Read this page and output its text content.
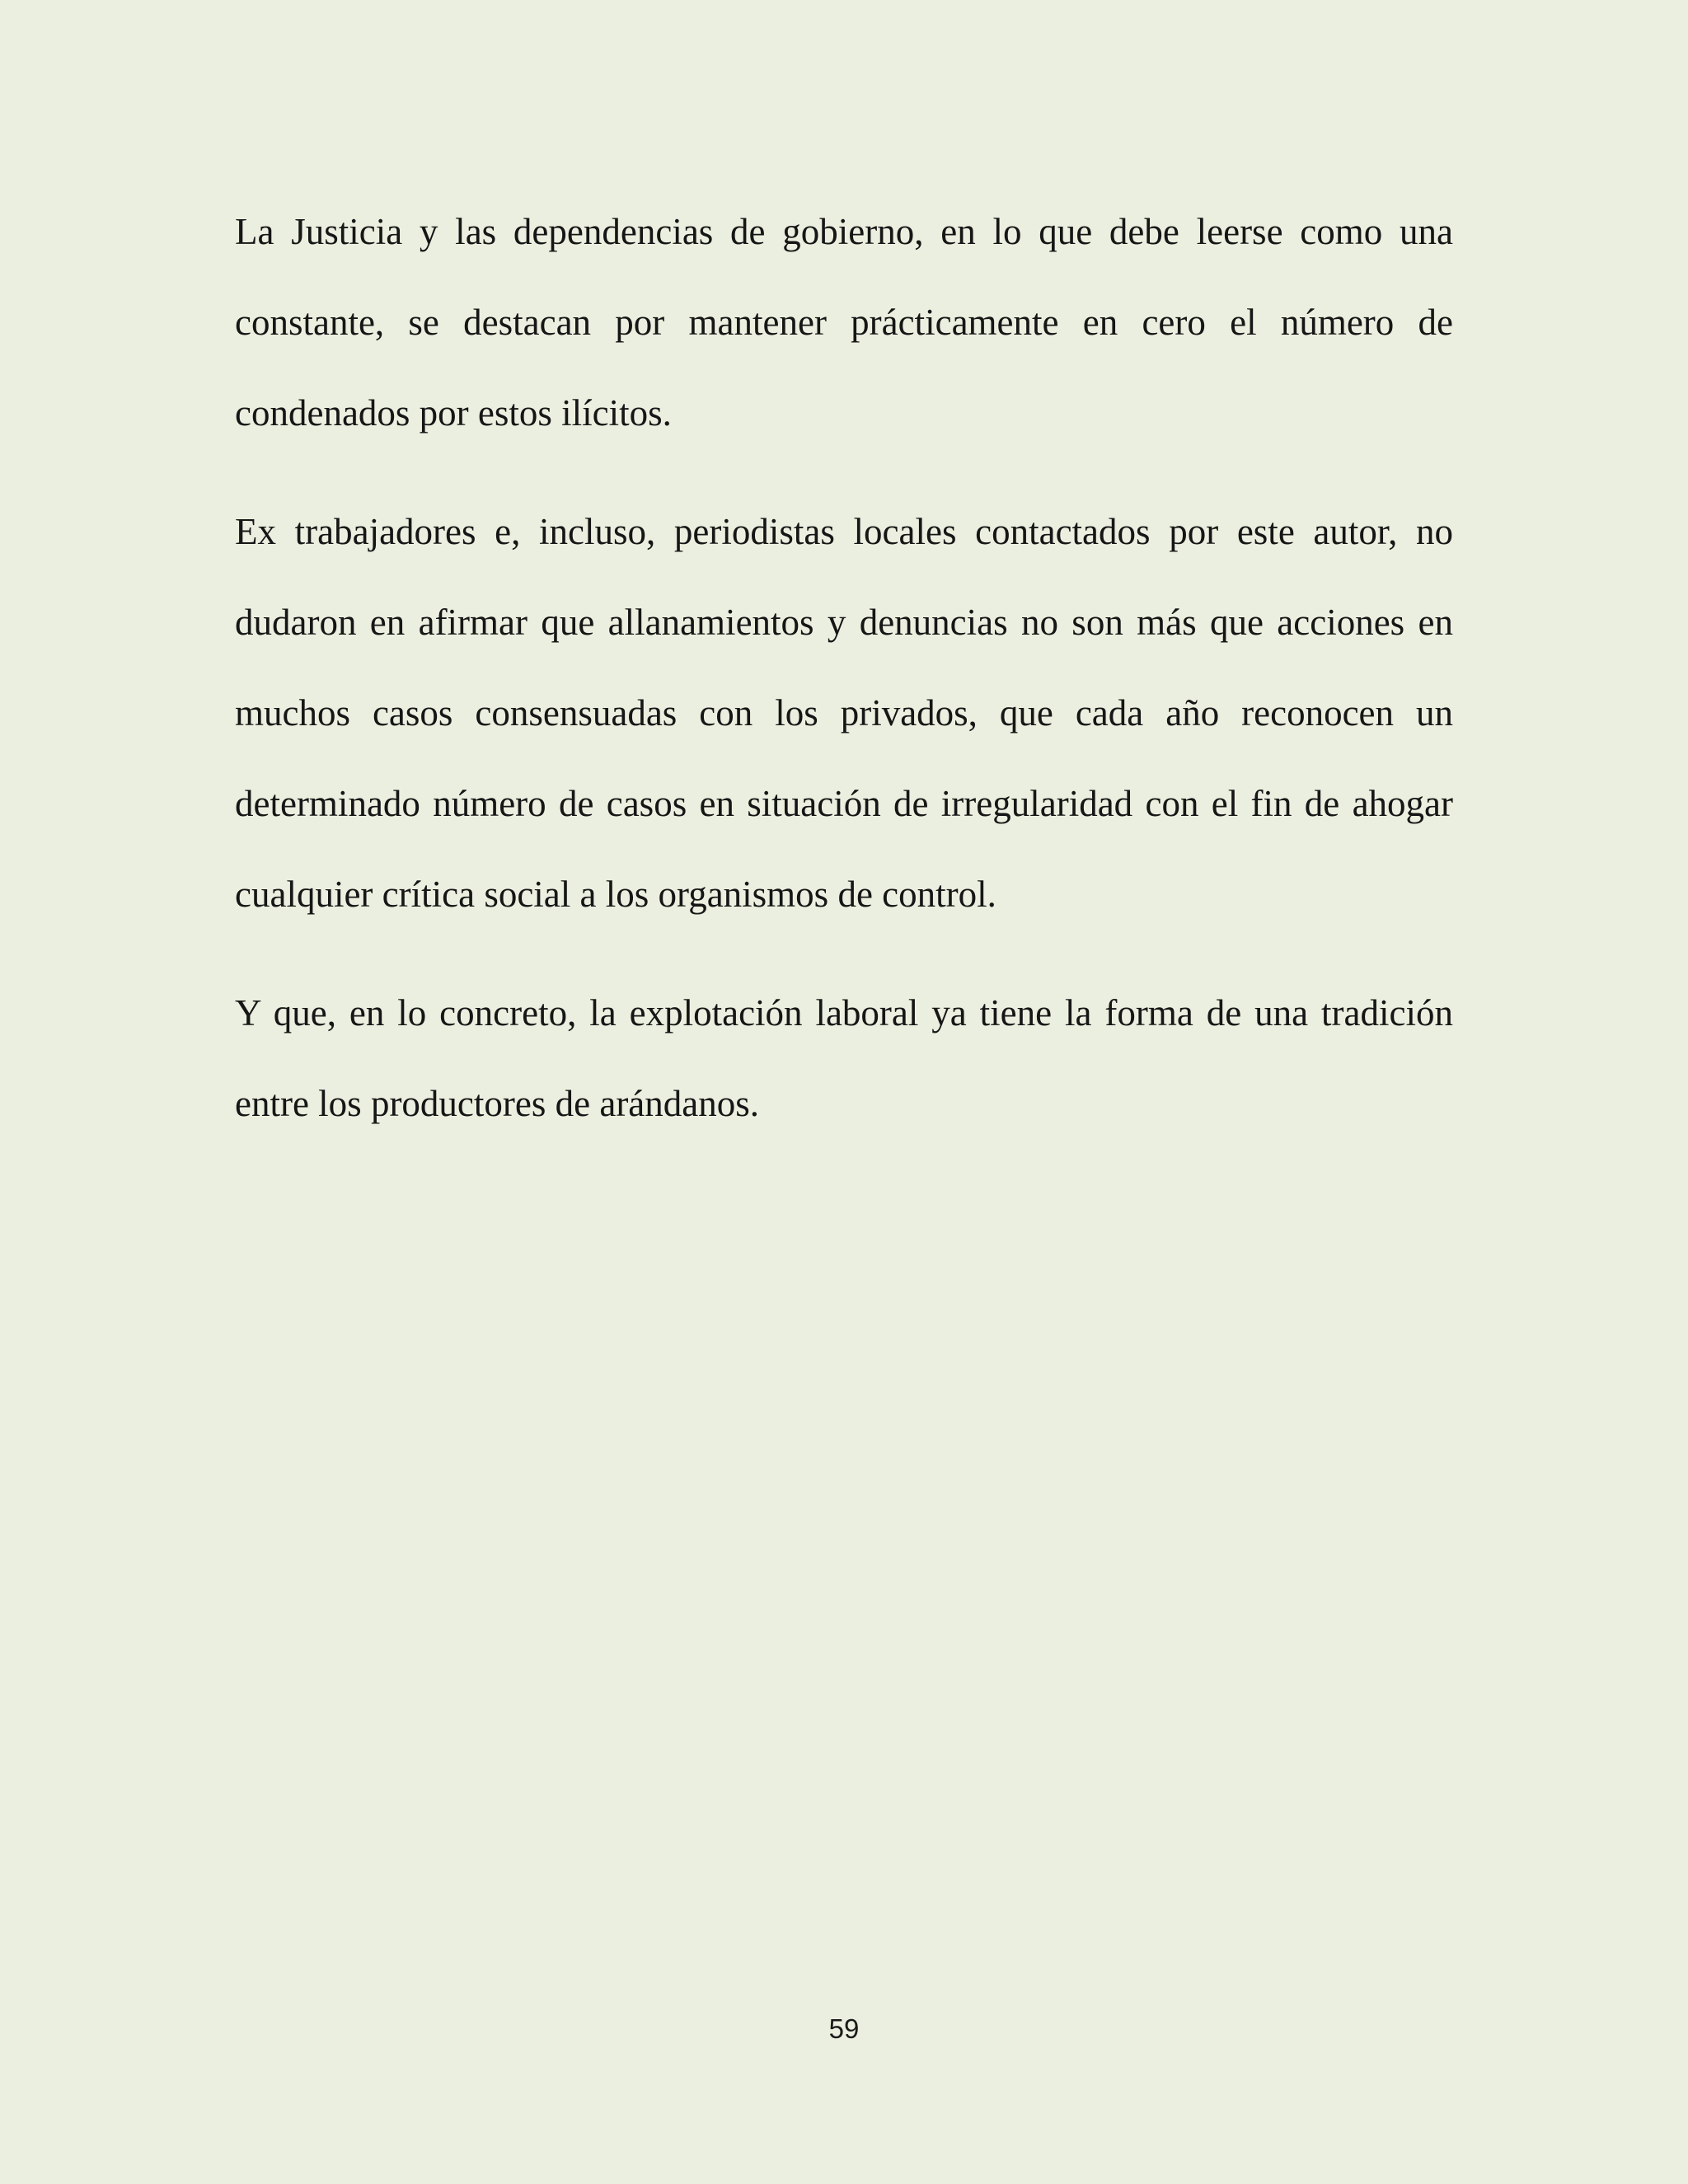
La Justicia y las dependencias de gobierno, en lo que debe leerse como una constante, se destacan por mantener prácticamente en cero el número de condenados por estos ilícitos.

Ex trabajadores e, incluso, periodistas locales contactados por este autor, no dudaron en afirmar que allanamientos y denuncias no son más que acciones en muchos casos consensuadas con los privados, que cada año reconocen un determinado número de casos en situación de irregularidad con el fin de ahogar cualquier crítica social a los organismos de control.

Y que, en lo concreto, la explotación laboral ya tiene la forma de una tradición entre los productores de arándanos.

59
